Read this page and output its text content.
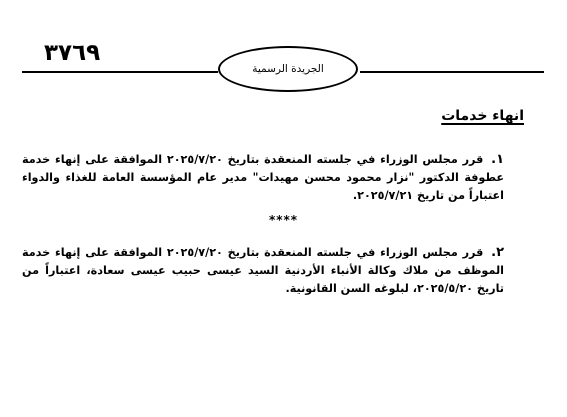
٣٧٦٩
الجريدة الرسمية
انهاء خدمات
١. قرر مجلس الوزراء في جلسته المنعقدة بتاريخ ٢٠٢٥/٧/٢٠ الموافقة على إنهاء خدمة عطوفة الدكتور "نزار محمود محسن مهيدات" مدير عام المؤسسة العامة للغذاء والدواء اعتباراً من تاريخ ٢٠٢٥/٧/٢١.
****
٢. قرر مجلس الوزراء في جلسته المنعقدة بتاريخ ٢٠٢٥/٧/٢٠ الموافقة على إنهاء خدمة الموظف من ملاك وكالة الأنباء الأردنية السيد عيسى حبيب عيسى سعادة، اعتباراً من تاريخ ٢٠٢٥/٥/٢٠، لبلوغه السن القانونية.
